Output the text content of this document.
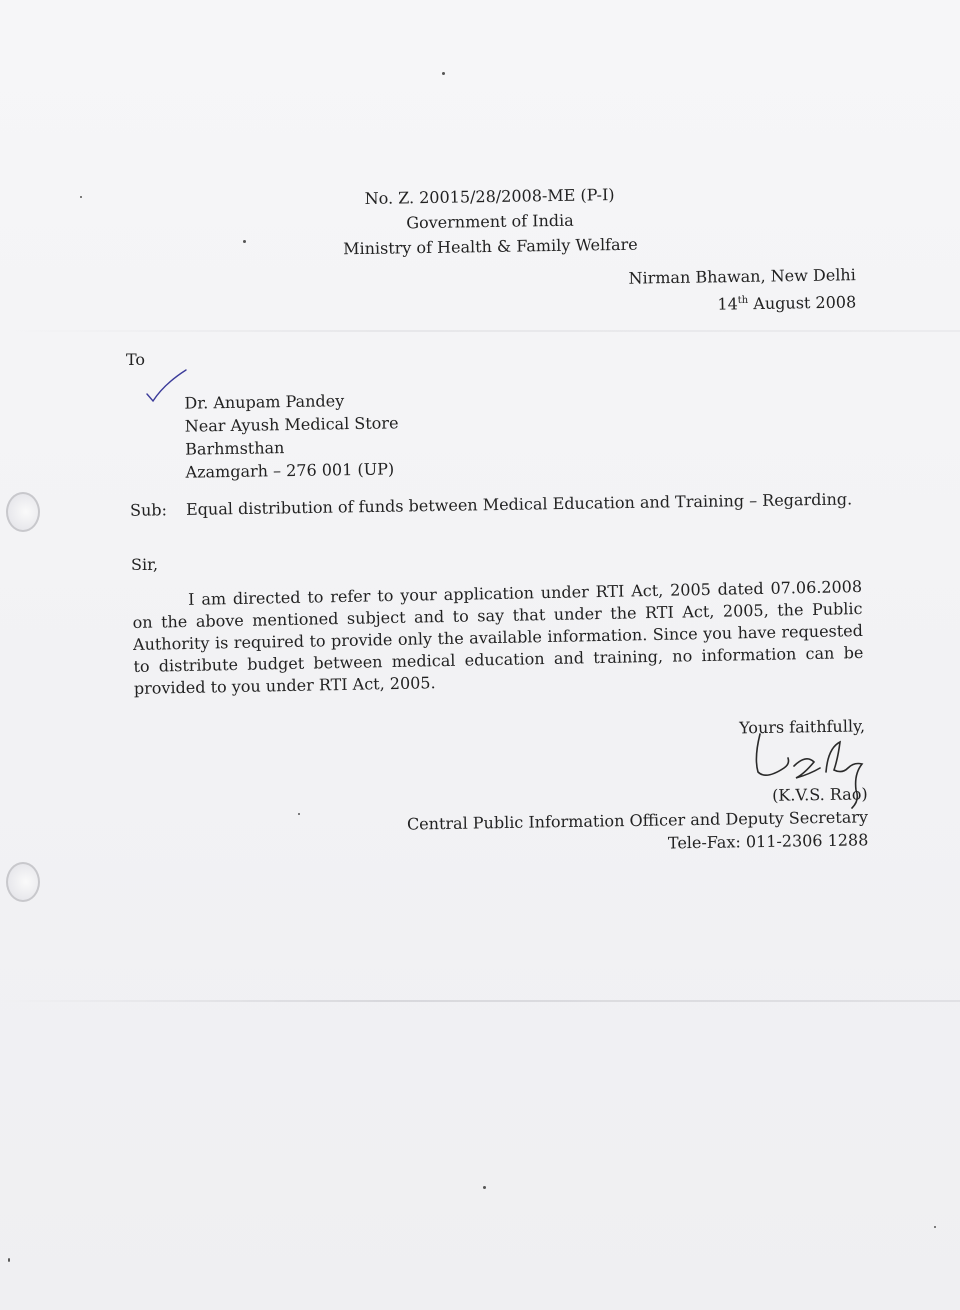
No. Z. 20015/28/2008-ME (P-I)
Government of India
Ministry of Health & Family Welfare
Nirman Bhawan, New Delhi
14th August 2008
To
Dr. Anupam Pandey
Near Ayush Medical Store
Barhmsthan
Azamgarh – 276 001 (UP)
Sub: Equal distribution of funds between Medical Education and Training – Regarding.
Sir,
I am directed to refer to your application under RTI Act, 2005 dated 07.06.2008 on the above mentioned subject and to say that under the RTI Act, 2005, the Public Authority is required to provide only the available information. Since you have requested to distribute budget between medical education and training, no information can be provided to you under RTI Act, 2005.
Yours faithfully,
(K.V.S. Rao)
Central Public Information Officer and Deputy Secretary
Tele-Fax: 011-2306 1288
